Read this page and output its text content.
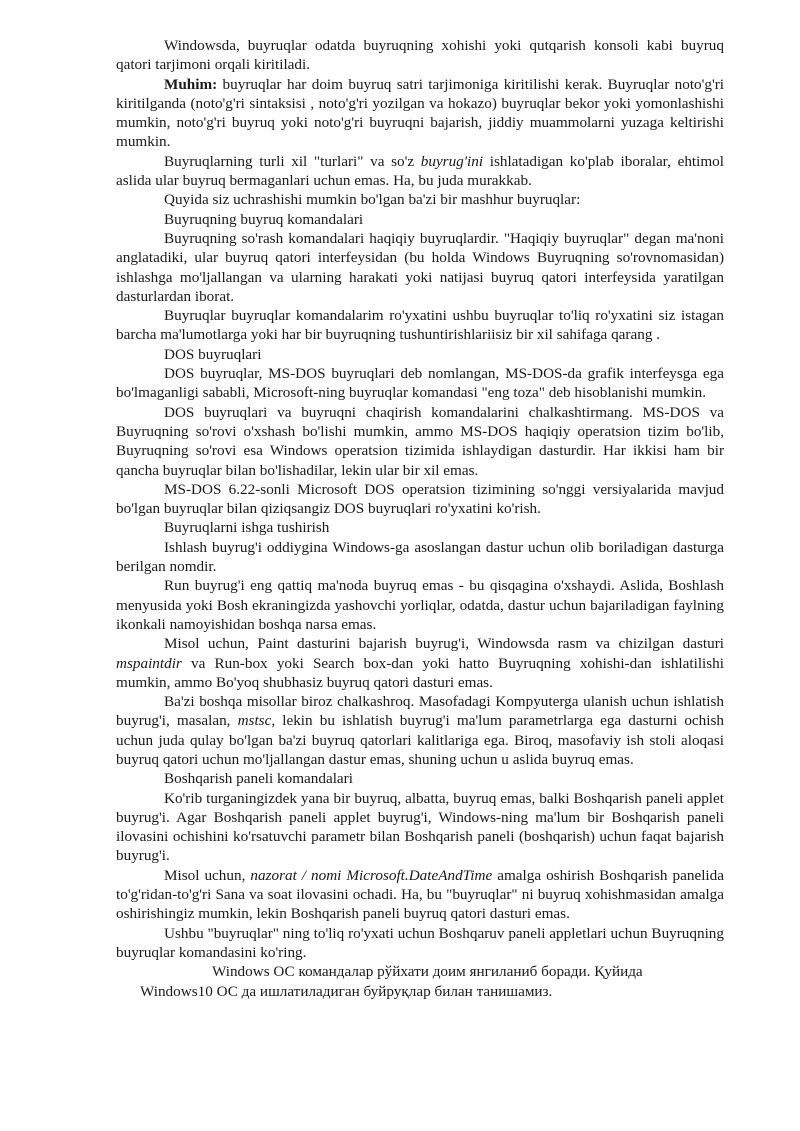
Windowsda, buyruqlar odatda buyruqning xohishi yoki qutqarish konsoli kabi buyruq qatori tarjimoni orqali kiritiladi.

Muhim: buyruqlar har doim buyruq satri tarjimoniga kiritilishi kerak. Buyruqlar noto'g'ri kiritilganda (noto'g'ri sintaksisi , noto'g'ri yozilgan va hokazo) buyruqlar bekor yoki yomonlashishi mumkin, noto'g'ri buyruq yoki noto'g'ri buyruqni bajarish, jiddiy muammolarni yuzaga keltirishi mumkin.

Buyruqlarning turli xil "turlari" va so'z buyrug'ini ishlatadigan ko'plab iboralar, ehtimol aslida ular buyruq bermaganlari uchun emas. Ha, bu juda murakkab.

Quyida siz uchrashishi mumkin bo'lgan ba'zi bir mashhur buyruqlar:

Buyruqning buyruq komandalari

Buyruqning so'rash komandalari haqiqiy buyruqlardir. "Haqiqiy buyruqlar" degan ma'noni anglatadiki, ular buyruq qatori interfeysidan (bu holda Windows Buyruqning so'rovnomasidan) ishlashga mo'ljallangan va ularning harakati yoki natijasi buyruq qatori interfeysida yaratilgan dasturlardan iborat.

Buyruqlar buyruqlar komandalarim ro'yxatini ushbu buyruqlar to'liq ro'yxatini siz istagan barcha ma'lumotlarga yoki har bir buyruqning tushuntirishlariisiz bir xil sahifaga qarang .

DOS buyruqlari

DOS buyruqlar, MS-DOS buyruqlari deb nomlangan, MS-DOS-da grafik interfeysga ega bo'lmaganligi sababli, Microsoft-ning buyruqlar komandasi "eng toza" deb hisoblanishi mumkin.

DOS buyruqlari va buyruqni chaqirish komandalarini chalkashtirmang. MS-DOS va Buyruqning so'rovi o'xshash bo'lishi mumkin, ammo MS-DOS haqiqiy operatsion tizim bo'lib, Buyruqning so'rovi esa Windows operatsion tizimida ishlaydigan dasturdir. Har ikkisi ham bir qancha buyruqlar bilan bo'lishadilar, lekin ular bir xil emas.

MS-DOS 6.22-sonli Microsoft DOS operatsion tizimining so'nggi versiyalarida mavjud bo'lgan buyruqlar bilan qiziqsangiz DOS buyruqlari ro'yxatini ko'rish.

Buyruqlarni ishga tushirish

Ishlash buyrug'i oddiygina Windows-ga asoslangan dastur uchun olib boriladigan dasturga berilgan nomdir.

Run buyrug'i eng qattiq ma'noda buyruq emas - bu qisqagina o'xshaydi. Aslida, Boshlash menyusida yoki Bosh ekraningizda yashovchi yorliqlar, odatda, dastur uchun bajariladigan faylning ikonkali namoyishidan boshqa narsa emas.

Misol uchun, Paint dasturini bajarish buyrug'i, Windowsda rasm va chizilgan dasturi mspaintdir va Run-box yoki Search box-dan yoki hatto Buyruqning xohishi-dan ishlatilishi mumkin, ammo Bo'yoq shubhasiz buyruq qatori dasturi emas.

Ba'zi boshqa misollar biroz chalkashroq. Masofadagi Kompyuterga ulanish uchun ishlatish buyrug'i, masalan, mstsc, lekin bu ishlatish buyrug'i ma'lum parametrlarga ega dasturni ochish uchun juda qulay bo'lgan ba'zi buyruq qatorlari kalitlariga ega. Biroq, masofaviy ish stoli aloqasi buyruq qatori uchun mo'ljallangan dastur emas, shuning uchun u aslida buyruq emas.

Boshqarish paneli komandalari

Ko'rib turganingizdek yana bir buyruq, albatta, buyruq emas, balki Boshqarish paneli applet buyrug'i. Agar Boshqarish paneli applet buyrug'i, Windows-ning ma'lum bir Boshqarish paneli ilovasini ochishini ko'rsatuvchi parametr bilan Boshqarish paneli (boshqarish) uchun faqat bajarish buyrug'i.

Misol uchun, nazorat / nomi Microsoft.DateAndTime amalga oshirish Boshqarish panelida to'g'ridan-to'g'ri Sana va soat ilovasini ochadi. Ha, bu "buyruqlar" ni buyruq xohishmasidan amalga oshirishingiz mumkin, lekin Boshqarish paneli buyruq qatori dasturi emas.

Ushbu "buyruqlar" ning to'liq ro'yxati uchun Boshqaruv paneli appletlari uchun Buyruqning buyruqlar komandasini ko'ring.

Windows ОС командалар рўйхати доим янгиланиб бoради. Қуйида
Windows10 ОС да ишлатиладиган буйруқлар билан танишамиз.
